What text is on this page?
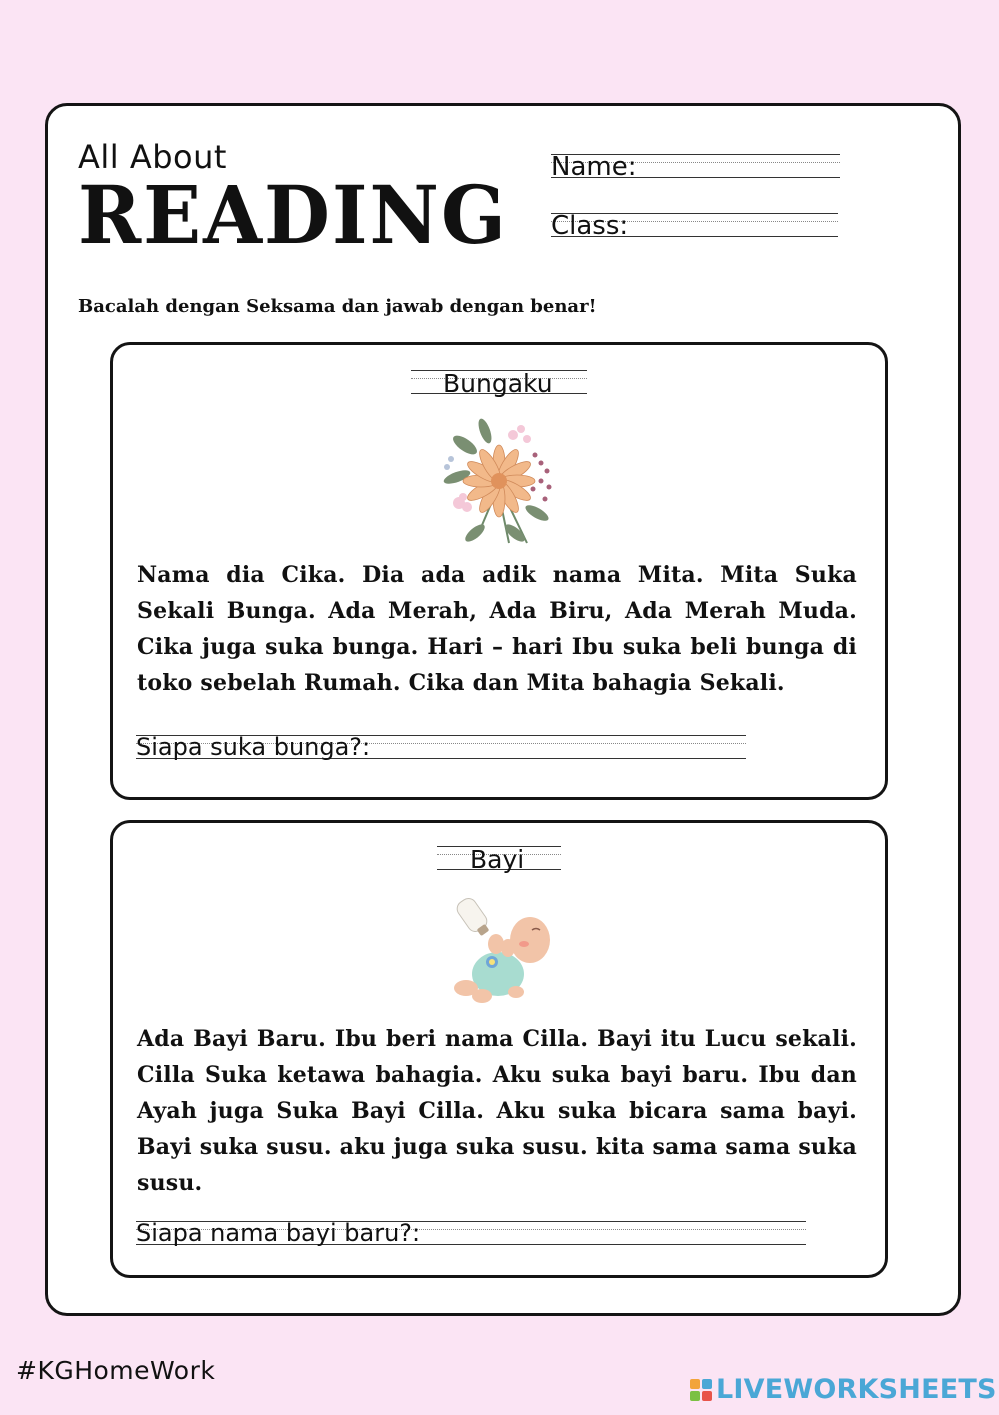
All About
READING
Name:
Class:
Bacalah dengan Seksama dan jawab dengan benar!
Bungaku
Nama dia Cika. Dia ada adik nama Mita. Mita Suka Sekali Bunga. Ada Merah, Ada Biru, Ada Merah Muda. Cika juga suka bunga. Hari – hari Ibu suka beli bunga di toko sebelah Rumah. Cika dan Mita bahagia Sekali.
Siapa suka bunga?:
Bayi
Ada Bayi Baru. Ibu beri nama Cilla. Bayi itu Lucu sekali. Cilla Suka ketawa bahagia. Aku suka bayi baru. Ibu dan Ayah juga Suka Bayi Cilla. Aku suka bicara sama bayi. Bayi suka susu. aku juga suka susu. kita sama sama suka susu.
Siapa nama bayi baru?:
#KGHomeWork
LIVEWORKSHEETS
